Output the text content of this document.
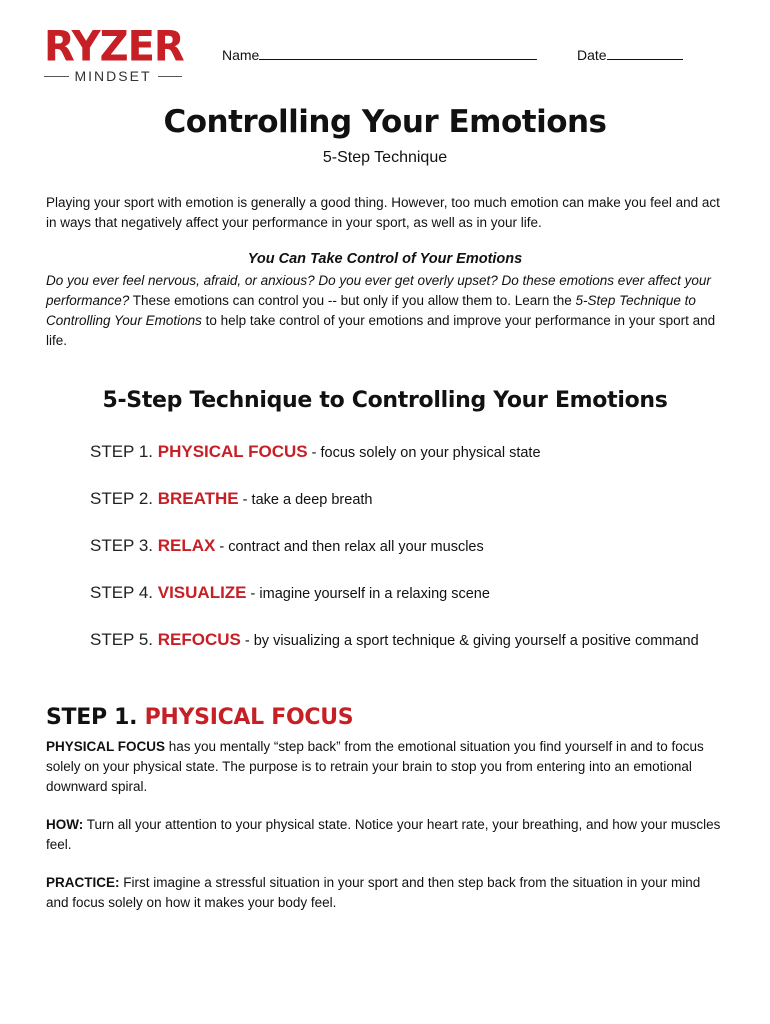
RYZER
MINDSET
Name	Date
Controlling Your Emotions
5-Step Technique

Playing your sport with emotion is generally a good thing. However, too much emotion can make you feel and act in ways that negatively affect your performance in your sport, as well as in your life.

You Can Take Control of Your Emotions

Do you ever feel nervous, afraid, or anxious? Do you ever get overly upset? Do these emotions ever affect your performance? These emotions can control you -- but only if you allow them to. Learn the 5-Step Technique to Controlling Your Emotions to help take control of your emotions and improve your performance in your sport and life.

5-Step Technique to Controlling Your Emotions
STEP 1. PHYSICAL FOCUS - focus solely on your physical state
STEP 2. BREATHE - take a deep breath
STEP 3. RELAX - contract and then relax all your muscles
STEP 4. VISUALIZE - imagine yourself in a relaxing scene
STEP 5. REFOCUS - by visualizing a sport technique & giving yourself a positive command
STEP 1. PHYSICAL FOCUS

PHYSICAL FOCUS has you mentally “step back” from the emotional situation you find yourself in and to focus solely on your physical state. The purpose is to retrain your brain to stop you from entering into an emotional downward spiral.

HOW: Turn all your attention to your physical state. Notice your heart rate, your breathing, and how your muscles feel.

PRACTICE: First imagine a stressful situation in your sport and then step back from the situation in your mind and focus solely on how it makes your body feel.
